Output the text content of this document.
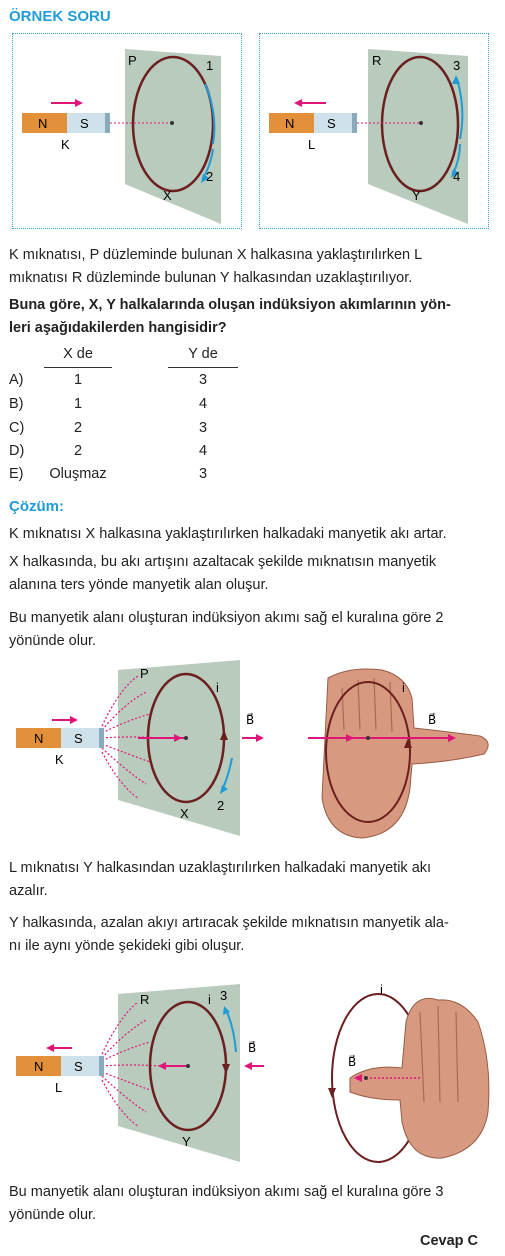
ÖRNEK SORU
P	1
2
X
N	S
K
R	3
4
Y
N	S
L
K mıknatısı, P düzleminde bulunan X halkasına yaklaştırılırken L
mıknatısı R düzleminde bulunan Y halkasından uzaklaştırılıyor.
Buna göre, X, Y halkalarında oluşan indüksiyon akımlarının yön-
leri aşağıdakilerden hangisidir?
X de	Y de
A)	1	3
B)	1	4
C)	2	3
D)	2	4
E)	Oluşmaz	3
Çözüm:
K mıknatısı X halkasına yaklaştırılırken halkadaki manyetik akı artar.
X halkasında, bu akı artışını azaltacak şekilde mıknatısın manyetik
alanına ters yönde manyetik alan oluşur.
Bu manyetik alanı oluşturan indüksiyon akımı sağ el kuralına göre 2
yönünde olur.
P
i
B⃗
2
X
N S
K
i
B⃗
L mıknatısı Y halkasından uzaklaştırılırken halkadaki manyetik akı
azalır.
Y halkasında, azalan akıyı artıracak şekilde mıknatısın manyetik ala-
nı ile aynı yönde şekideki gibi oluşur.
R	i 3
B⃗
Y
N S
L
i
B⃗
Bu manyetik alanı oluşturan indüksiyon akımı sağ el kuralına göre 3
yönünde olur.
Cevap C
